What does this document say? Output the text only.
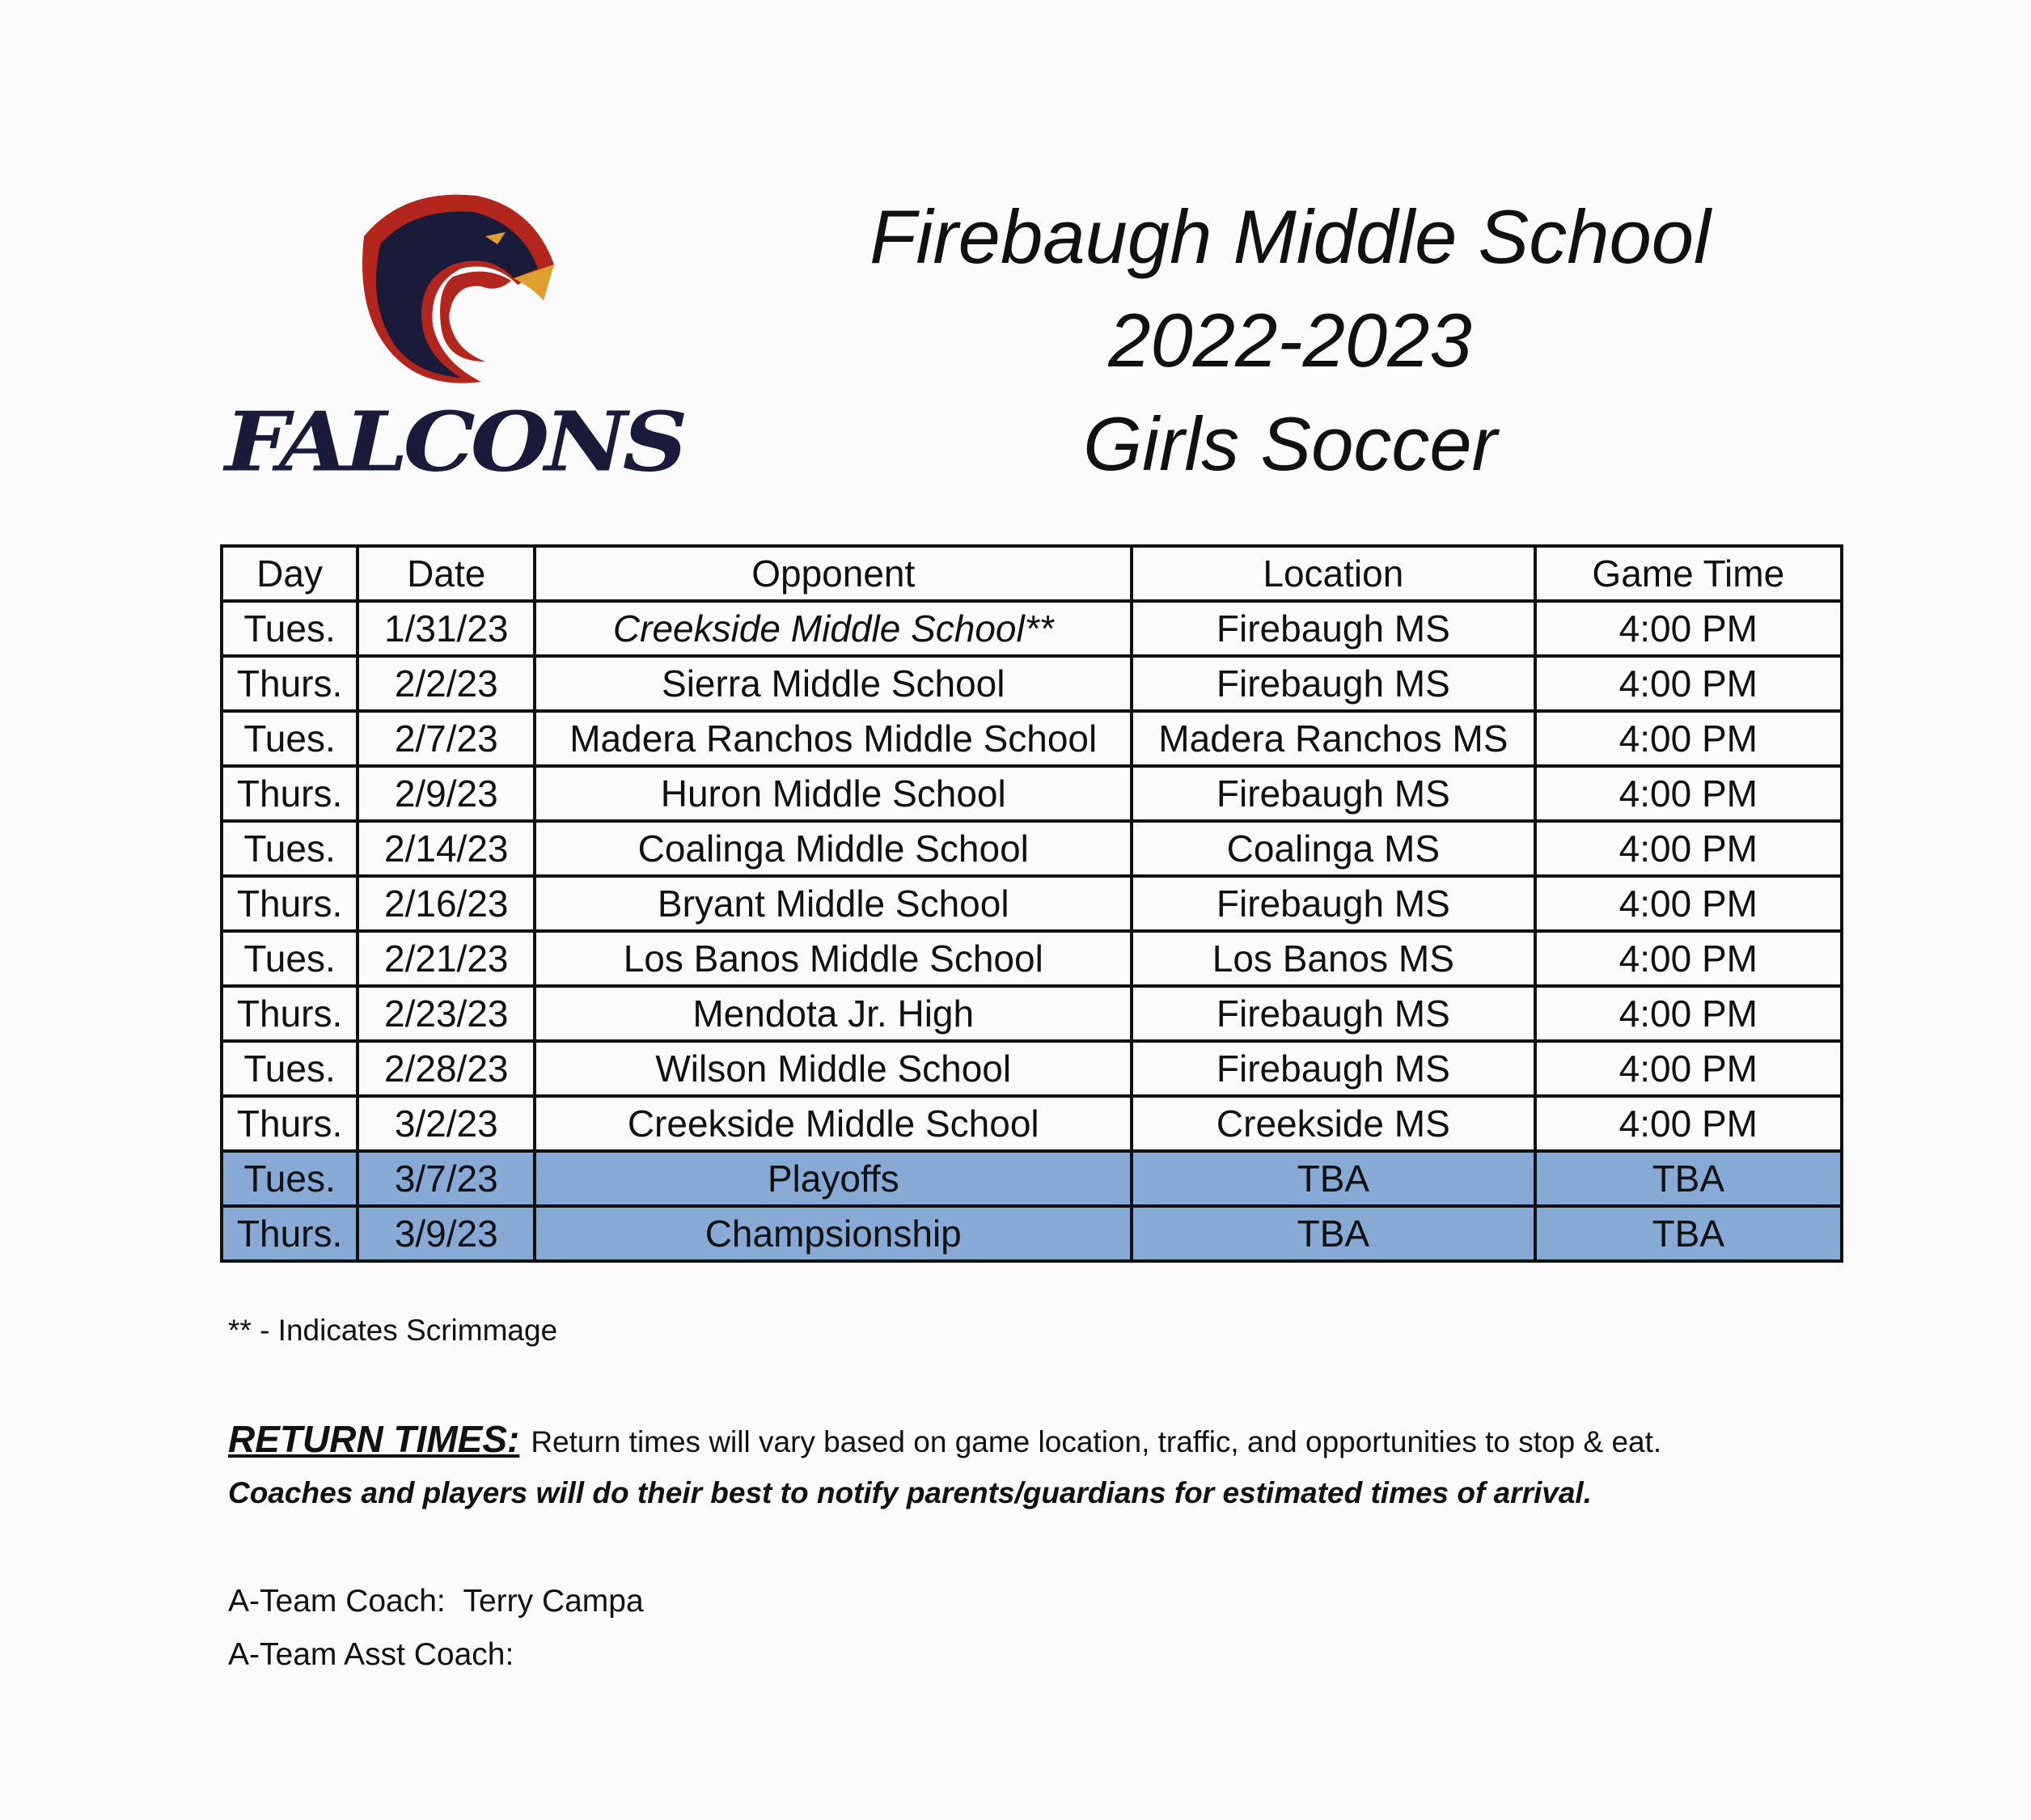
FALCONS
Firebaugh Middle School
2022-2023
Girls Soccer
Day	Date	Opponent	Location	Game Time
Tues.	1/31/23	Creekside Middle School**	Firebaugh MS	4:00 PM
Thurs.	2/2/23	Sierra Middle School	Firebaugh MS	4:00 PM
Tues.	2/7/23	Madera Ranchos Middle School	Madera Ranchos MS	4:00 PM
Thurs.	2/9/23	Huron Middle School	Firebaugh MS	4:00 PM
Tues.	2/14/23	Coalinga Middle School	Coalinga MS	4:00 PM
Thurs.	2/16/23	Bryant Middle School	Firebaugh MS	4:00 PM
Tues.	2/21/23	Los Banos Middle School	Los Banos MS	4:00 PM
Thurs.	2/23/23	Mendota Jr. High	Firebaugh MS	4:00 PM
Tues.	2/28/23	Wilson Middle School	Firebaugh MS	4:00 PM
Thurs.	3/2/23	Creekside Middle School	Creekside MS	4:00 PM
Tues.	3/7/23	Playoffs	TBA	TBA
Thurs.	3/9/23	Champsionship	TBA	TBA
** - Indicates Scrimmage
RETURN TIMES: Return times will vary based on game location, traffic, and opportunities to stop & eat.
Coaches and players will do their best to notify parents/guardians for estimated times of arrival.
A-Team Coach: Terry Campa
A-Team Asst Coach:
